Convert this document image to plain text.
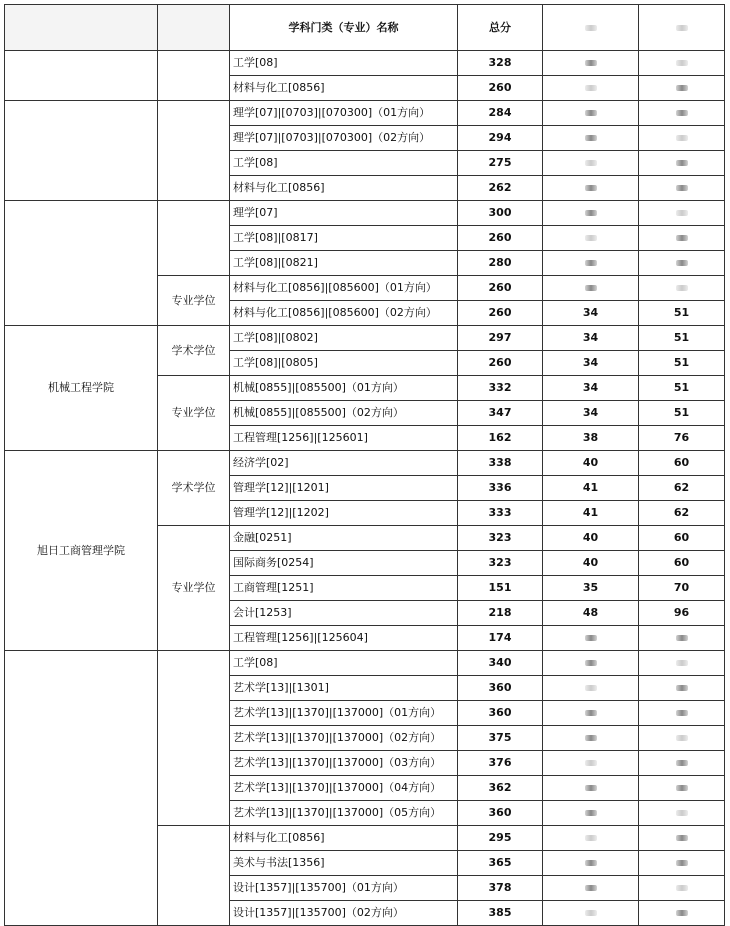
		学科门类（专业）名称	总分		
		工学[08]	328		
		材料与化工[0856]	260		
		理学[07]|[0703]|[070300]（01方向）	284		
		理学[07]|[0703]|[070300]（02方向）	294		
		工学[08]	275		
		材料与化工[0856]	262		
		理学[07]	300		
		工学[08]|[0817]	260		
		工学[08]|[0821]	280		
	专业学位	材料与化工[0856]|[085600]（01方向）	260		
		材料与化工[0856]|[085600]（02方向）	260	34	51
机械工程学院	学术学位	工学[08]|[0802]	297	34	51
		工学[08]|[0805]	260	34	51
	专业学位	机械[0855]|[085500]（01方向）	332	34	51
		机械[0855]|[085500]（02方向）	347	34	51
		工程管理[1256]|[125601]	162	38	76
旭日工商管理学院	学术学位	经济学[02]	338	40	60
		管理学[12]|[1201]	336	41	62
		管理学[12]|[1202]	333	41	62
	专业学位	金融[0251]	323	40	60
		国际商务[0254]	323	40	60
		工商管理[1251]	151	35	70
		会计[1253]	218	48	96
		工程管理[1256]|[125604]	174		
		工学[08]	340		
		艺术学[13]|[1301]	360		
		艺术学[13]|[1370]|[137000]（01方向）	360		
		艺术学[13]|[1370]|[137000]（02方向）	375		
		艺术学[13]|[1370]|[137000]（03方向）	376		
		艺术学[13]|[1370]|[137000]（04方向）	362		
		艺术学[13]|[1370]|[137000]（05方向）	360		
		材料与化工[0856]	295		
		美术与书法[1356]	365		
		设计[1357]|[135700]（01方向）	378		
		设计[1357]|[135700]（02方向）	385		
